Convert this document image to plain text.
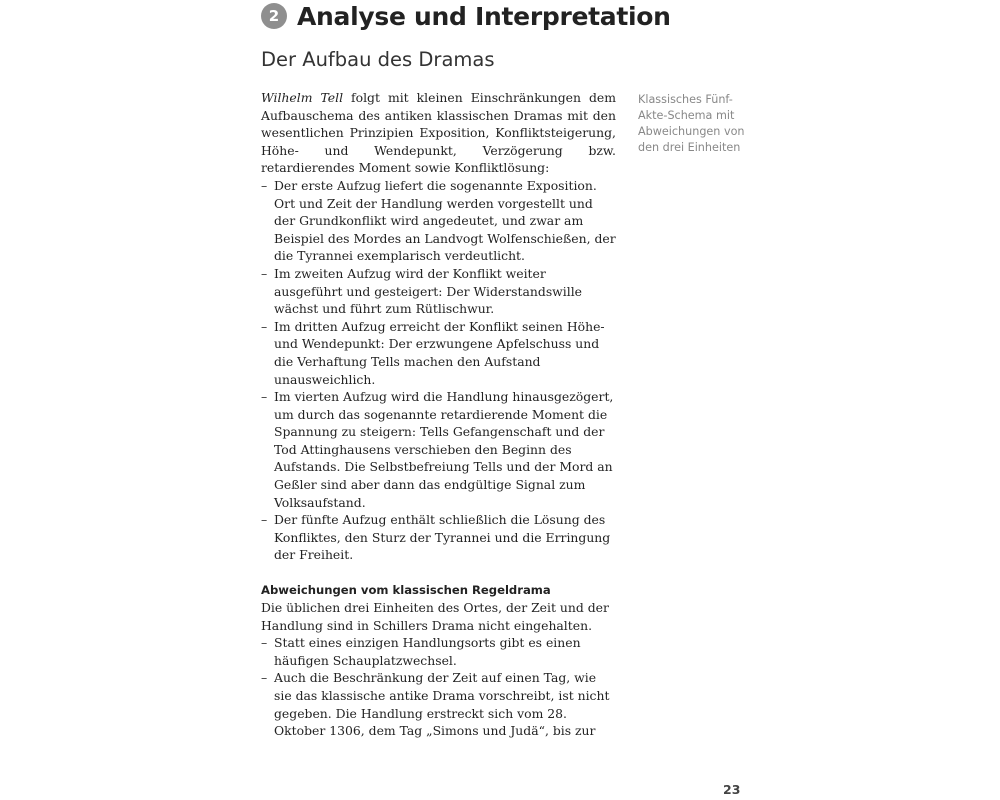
2 Analyse und Interpretation
Der Aufbau des Dramas

Wilhelm Tell folgt mit kleinen Einschränkungen dem Aufbauschema des antiken klassischen Dramas mit den wesentlichen Prinzipien Exposition, Konfliktsteigerung, Höhe- und Wendepunkt, Verzögerung bzw. retardierendes Moment sowie Konfliktlösung:

– Der erste Aufzug liefert die sogenannte Exposition. Ort und Zeit der Handlung werden vorgestellt und der Grundkonflikt wird angedeutet, und zwar am Beispiel des Mordes an Landvogt Wolfenschießen, der die Tyrannei exemplarisch verdeutlicht.
– Im zweiten Aufzug wird der Konflikt weiter ausgeführt und gesteigert: Der Widerstandswille wächst und führt zum Rütlischwur.
– Im dritten Aufzug erreicht der Konflikt seinen Höhe- und Wendepunkt: Der erzwungene Apfelschuss und die Verhaftung Tells machen den Aufstand unausweichlich.
– Im vierten Aufzug wird die Handlung hinausgezögert, um durch das sogenannte retardierende Moment die Spannung zu steigern: Tells Gefangenschaft und der Tod Attinghausens verschieben den Beginn des Aufstands. Die Selbstbefreiung Tells und der Mord an Geßler sind aber dann das endgültige Signal zum Volksaufstand.
– Der fünfte Aufzug enthält schließlich die Lösung des Konfliktes, den Sturz der Tyrannei und die Erringung der Freiheit.
Abweichungen vom klassischen Regeldrama

Die üblichen drei Einheiten des Ortes, der Zeit und der Handlung sind in Schillers Drama nicht eingehalten.

– Statt eines einzigen Handlungsorts gibt es einen häufigen Schauplatzwechsel.
– Auch die Beschränkung der Zeit auf einen Tag, wie sie das klassische antike Drama vorschreibt, ist nicht gegeben. Die Handlung erstreckt sich vom 28. Oktober 1306, dem Tag „Simons und Judä“, bis zur
Klassisches Fünf-Akte-Schema mit Abweichungen von den drei Einheiten
23
